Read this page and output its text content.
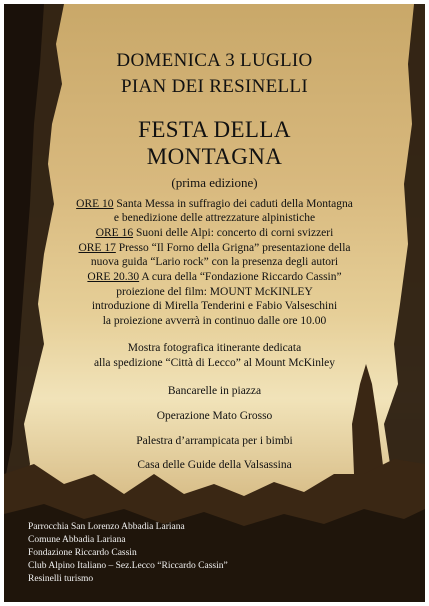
DOMENICA 3 LUGLIO
PIAN DEI RESINELLI
FESTA DELLA
MONTAGNA
(prima edizione)
ORE 10 Santa Messa in suffragio dei caduti della Montagna
e benedizione delle attrezzature alpinistiche
ORE 16 Suoni delle Alpi: concerto di corni svizzeri
ORE 17 Presso “Il Forno della Grigna” presentazione della
nuova guida “Lario rock” con la presenza degli autori
ORE 20.30 A cura della “Fondazione Riccardo Cassin”
proiezione del film: MOUNT McKINLEY
introduzione di Mirella Tenderini e Fabio Valseschini
la proiezione avverrà in continuo dalle ore 10.00
Mostra fotografica itinerante dedicata
alla spedizione “Città di Lecco” al Mount McKinley
Bancarelle in piazza
Operazione Mato Grosso
Palestra d’arrampicata per i bimbi
Casa delle Guide della Valsassina
Parrocchia San Lorenzo Abbadia Lariana
Comune Abbadia Lariana
Fondazione Riccardo Cassin
Club Alpino Italiano – Sez.Lecco “Riccardo Cassin”
Resinelli turismo
